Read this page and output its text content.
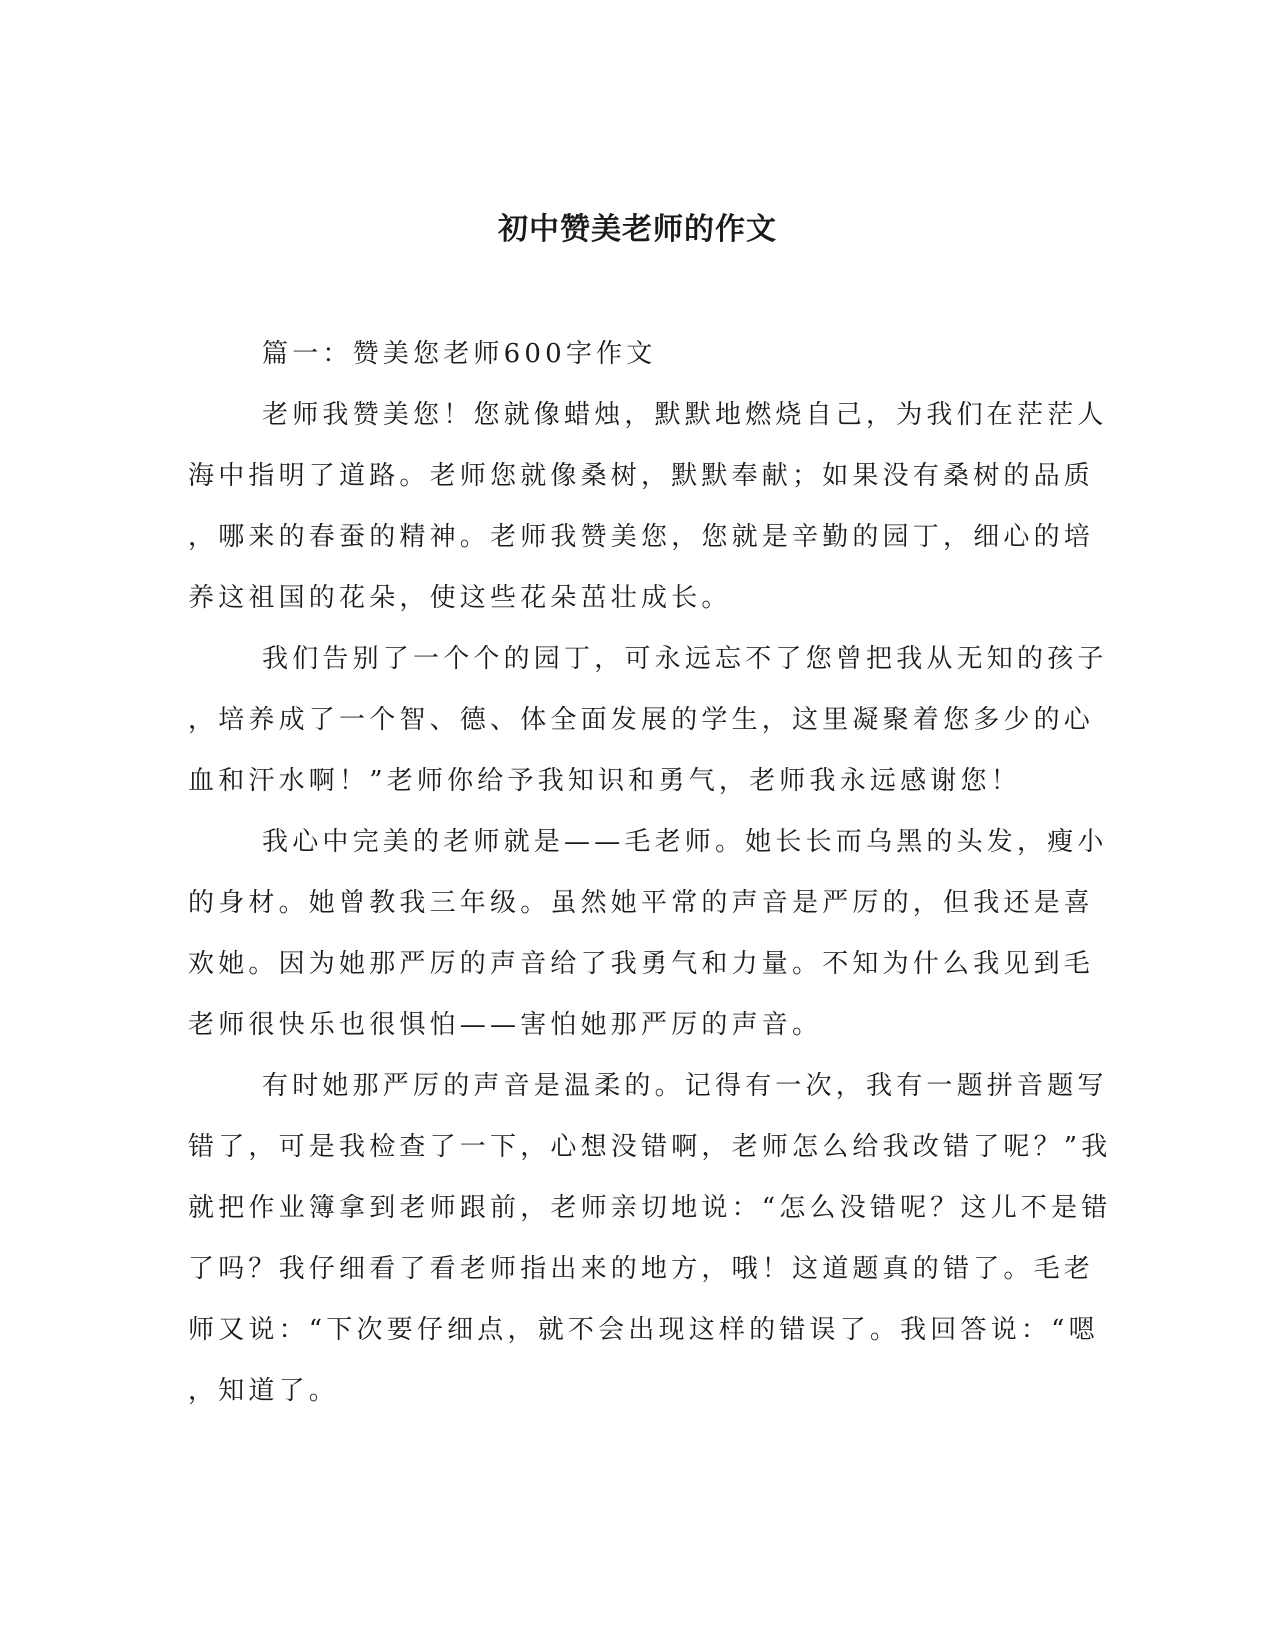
初中赞美老师的作文

篇一：赞美您老师600字作文

老师我赞美您！您就像蜡烛，默默地燃烧自己，为我们在茫茫人

海中指明了道路。老师您就像桑树，默默奉献；如果没有桑树的品质

，哪来的春蚕的精神。老师我赞美您，您就是辛勤的园丁，细心的培

养这祖国的花朵，使这些花朵茁壮成长。

我们告别了一个个的园丁，可永远忘不了您曾把我从无知的孩子

，培养成了一个智、德、体全面发展的学生，这里凝聚着您多少的心

血和汗水啊！”老师你给予我知识和勇气，老师我永远感谢您！

我心中完美的老师就是——毛老师。她长长而乌黑的头发，瘦小

的身材。她曾教我三年级。虽然她平常的声音是严厉的，但我还是喜

欢她。因为她那严厉的声音给了我勇气和力量。不知为什么我见到毛

老师很快乐也很惧怕——害怕她那严厉的声音。

有时她那严厉的声音是温柔的。记得有一次，我有一题拼音题写

错了，可是我检查了一下，心想没错啊，老师怎么给我改错了呢？”我

就把作业簿拿到老师跟前，老师亲切地说：“怎么没错呢？这儿不是错

了吗？我仔细看了看老师指出来的地方，哦！这道题真的错了。毛老

师又说：“下次要仔细点，就不会出现这样的错误了。我回答说：“嗯

，知道了。
